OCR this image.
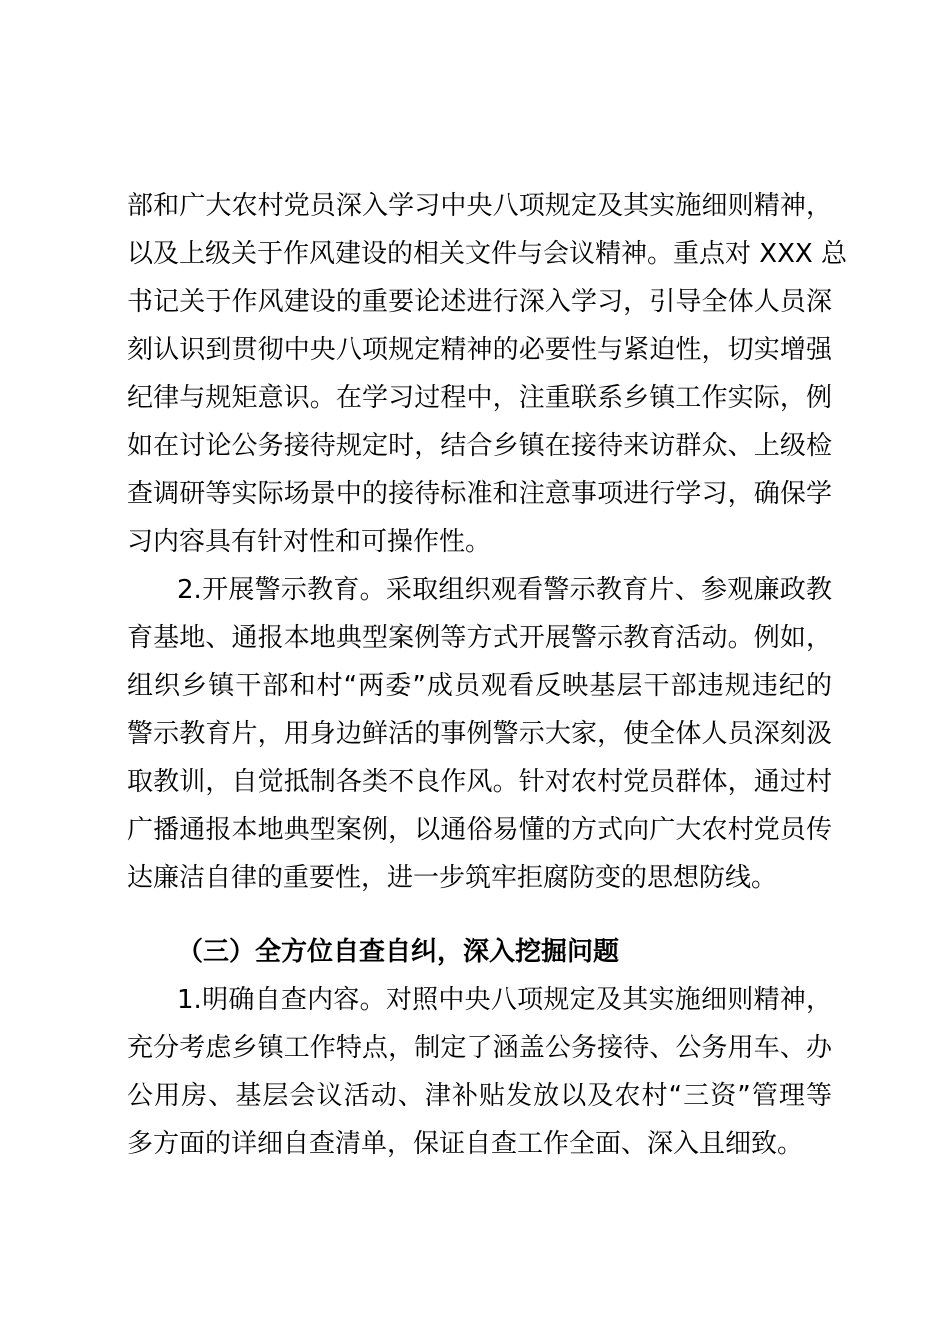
部和广大农村党员深入学习中央八项规定及其实施细则精神，
以及上级关于作风建设的相关文件与会议精神。重点对 XXX 总
书记关于作风建设的重要论述进行深入学习，引导全体人员深
刻认识到贯彻中央八项规定精神的必要性与紧迫性，切实增强
纪律与规矩意识。在学习过程中，注重联系乡镇工作实际，例
如在讨论公务接待规定时，结合乡镇在接待来访群众、上级检
查调研等实际场景中的接待标准和注意事项进行学习，确保学
习内容具有针对性和可操作性。
2.开展警示教育。采取组织观看警示教育片、参观廉政教
育基地、通报本地典型案例等方式开展警示教育活动。例如，
组织乡镇干部和村“两委”成员观看反映基层干部违规违纪的
警示教育片，用身边鲜活的事例警示大家，使全体人员深刻汲
取教训，自觉抵制各类不良作风。针对农村党员群体，通过村
广播通报本地典型案例，以通俗易懂的方式向广大农村党员传
达廉洁自律的重要性，进一步筑牢拒腐防变的思想防线。
（三）全方位自查自纠，深入挖掘问题
1.明确自查内容。对照中央八项规定及其实施细则精神，
充分考虑乡镇工作特点，制定了涵盖公务接待、公务用车、办
公用房、基层会议活动、津补贴发放以及农村“三资”管理等
多方面的详细自查清单，保证自查工作全面、深入且细致。
